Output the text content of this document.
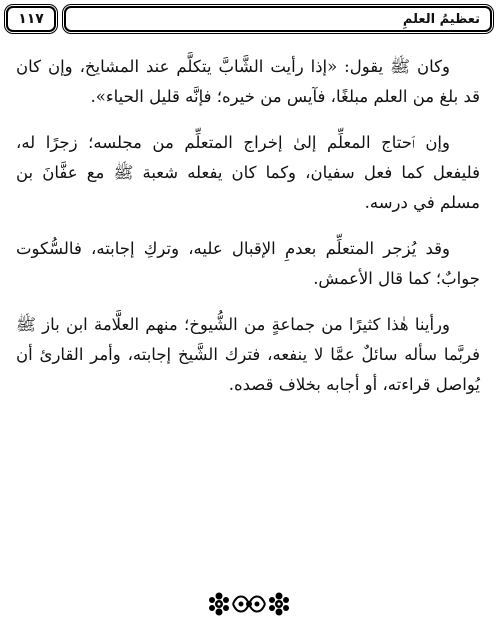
تعظيمُ العلمِ
١١٧

وكان ﷺ يقول: «إذا رأيت الشَّابَّ يتكلَّم عند المشايخ، وإن كان قد بلغ من العلم مبلغًا، فآيس من خيره؛ فإنَّه قليل الحياء».

وإن ٱحتاج المعلِّم إلىٰ إخراج المتعلِّم من مجلسه؛ زجرًا له، فليفعل كما فعل سفيان، وكما كان يفعله شعبة ﷺ مع عفَّانَ بن مسلم في درسه.

وقد يُزجر المتعلِّم بعدمِ الإقبال عليه، وتركِ إجابته، فالسُّكوت جوابٌ؛ كما قال الأعمش.

ورأينا هٰذا كثيرًا من جماعةٍ من الشُّيوخ؛ منهم العلَّامة ابن باز ﷺ فربَّما سأله سائلٌ عمَّا لا ينفعه، فترك الشَّيخ إجابته، وأمر القارئ أن يُواصل قراءته، أو أجابه بخلاف قصده.
